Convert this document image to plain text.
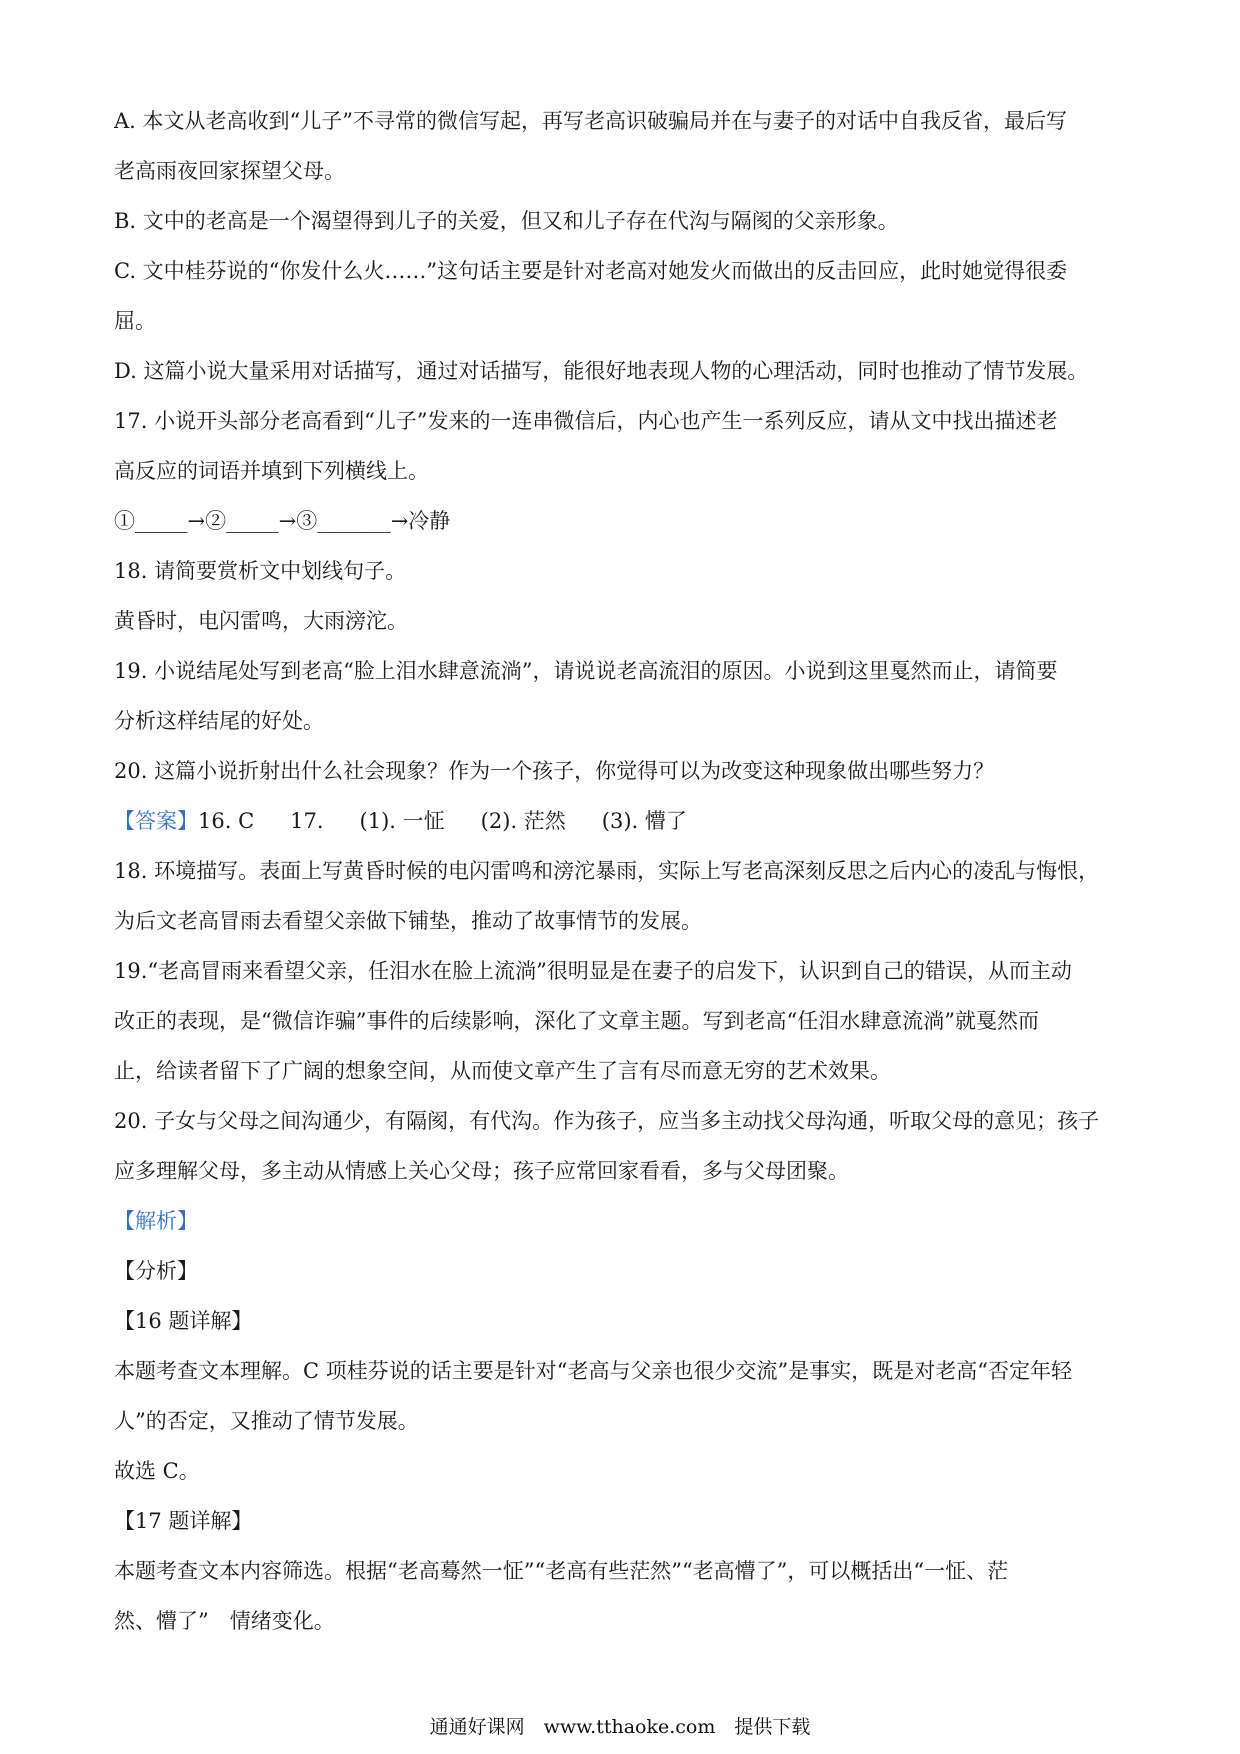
A. 本文从老高收到“儿子”不寻常的微信写起，再写老高识破骗局并在与妻子的对话中自我反省，最后写
老高雨夜回家探望父母。
B. 文中的老高是一个渴望得到儿子的关爱，但又和儿子存在代沟与隔阂的父亲形象。
C. 文中桂芬说的“你发什么火……”这句话主要是针对老高对她发火而做出的反击回应，此时她觉得很委
屈。
D. 这篇小说大量采用对话描写，通过对话描写，能很好地表现人物的心理活动，同时也推动了情节发展。
17. 小说开头部分老高看到“儿子”发来的一连串微信后，内心也产生一系列反应，请从文中找出描述老
高反应的词语并填到下列横线上。
①_____→②_____→③_______→冷静
18. 请简要赏析文中划线句子。
黄昏时，电闪雷鸣，大雨滂沱。
19. 小说结尾处写到老高“脸上泪水肆意流淌”，请说说老高流泪的原因。小说到这里戛然而止，请简要
分析这样结尾的好处。
20. 这篇小说折射出什么社会现象？作为一个孩子，你觉得可以为改变这种现象做出哪些努力？
【答案】16. C 17. (1). 一怔 (2). 茫然 (3). 懵了
18. 环境描写。表面上写黄昏时候的电闪雷鸣和滂沱暴雨，实际上写老高深刻反思之后内心的凌乱与悔恨，
为后文老高冒雨去看望父亲做下铺垫，推动了故事情节的发展。
19.“老高冒雨来看望父亲，任泪水在脸上流淌”很明显是在妻子的启发下，认识到自己的错误，从而主动
改正的表现，是“微信诈骗”事件的后续影响，深化了文章主题。写到老高“任泪水肆意流淌”就戛然而
止，给读者留下了广阔的想象空间，从而使文章产生了言有尽而意无穷的艺术效果。
20. 子女与父母之间沟通少，有隔阂，有代沟。作为孩子，应当多主动找父母沟通，听取父母的意见；孩子
应多理解父母，多主动从情感上关心父母；孩子应常回家看看，多与父母团聚。
【解析】
【分析】
【16 题详解】
本题考查文本理解。C 项桂芬说的话主要是针对“老高与父亲也很少交流”是事实，既是对老高“否定年轻
人”的否定，又推动了情节发展。
故选 C。
【17 题详解】
本题考查文本内容筛选。根据“老高蓦然一怔”“老高有些茫然”“老高懵了”，可以概括出“一怔、茫
然、懵了”　情绪变化。
通通好课网　www.tthaoke.com　提供下载
